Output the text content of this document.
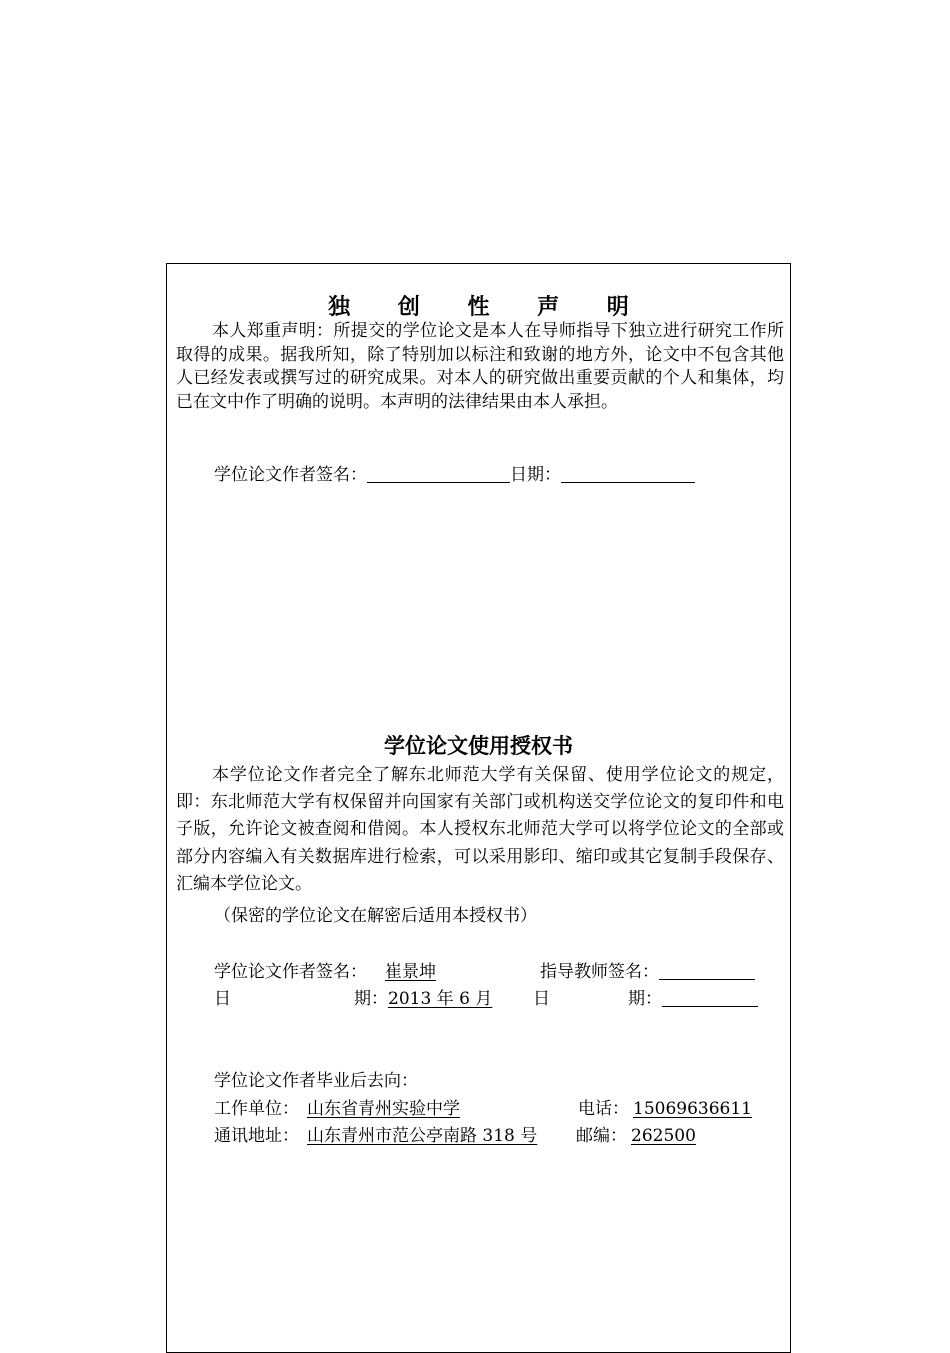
独 创 性 声 明
本人郑重声明：所提交的学位论文是本人在导师指导下独立进行研究工作所取得的成果。据我所知，除了特别加以标注和致谢的地方外，论文中不包含其他人已经发表或撰写过的研究成果。对本人的研究做出重要贡献的个人和集体，均已在文中作了明确的说明。本声明的法律结果由本人承担。
学位论文作者签名：	日期：
学位论文使用授权书
本学位论文作者完全了解东北师范大学有关保留、使用学位论文的规定，即：东北师范大学有权保留并向国家有关部门或机构送交学位论文的复印件和电子版，允许论文被查阅和借阅。本人授权东北师范大学可以将学位论文的全部或部分内容编入有关数据库进行检索，可以采用影印、缩印或其它复制手段保存、汇编本学位论文。
（保密的学位论文在解密后适用本授权书）
学位论文作者签名： 崔景坤	指导教师签名：
日	期：2013 年 6 月 日	期：
学位论文作者毕业后去向：
工作单位： 山东省青州实验中学	电话： 15069636611
通讯地址： 山东青州市范公亭南路 318 号 邮编： 262500
